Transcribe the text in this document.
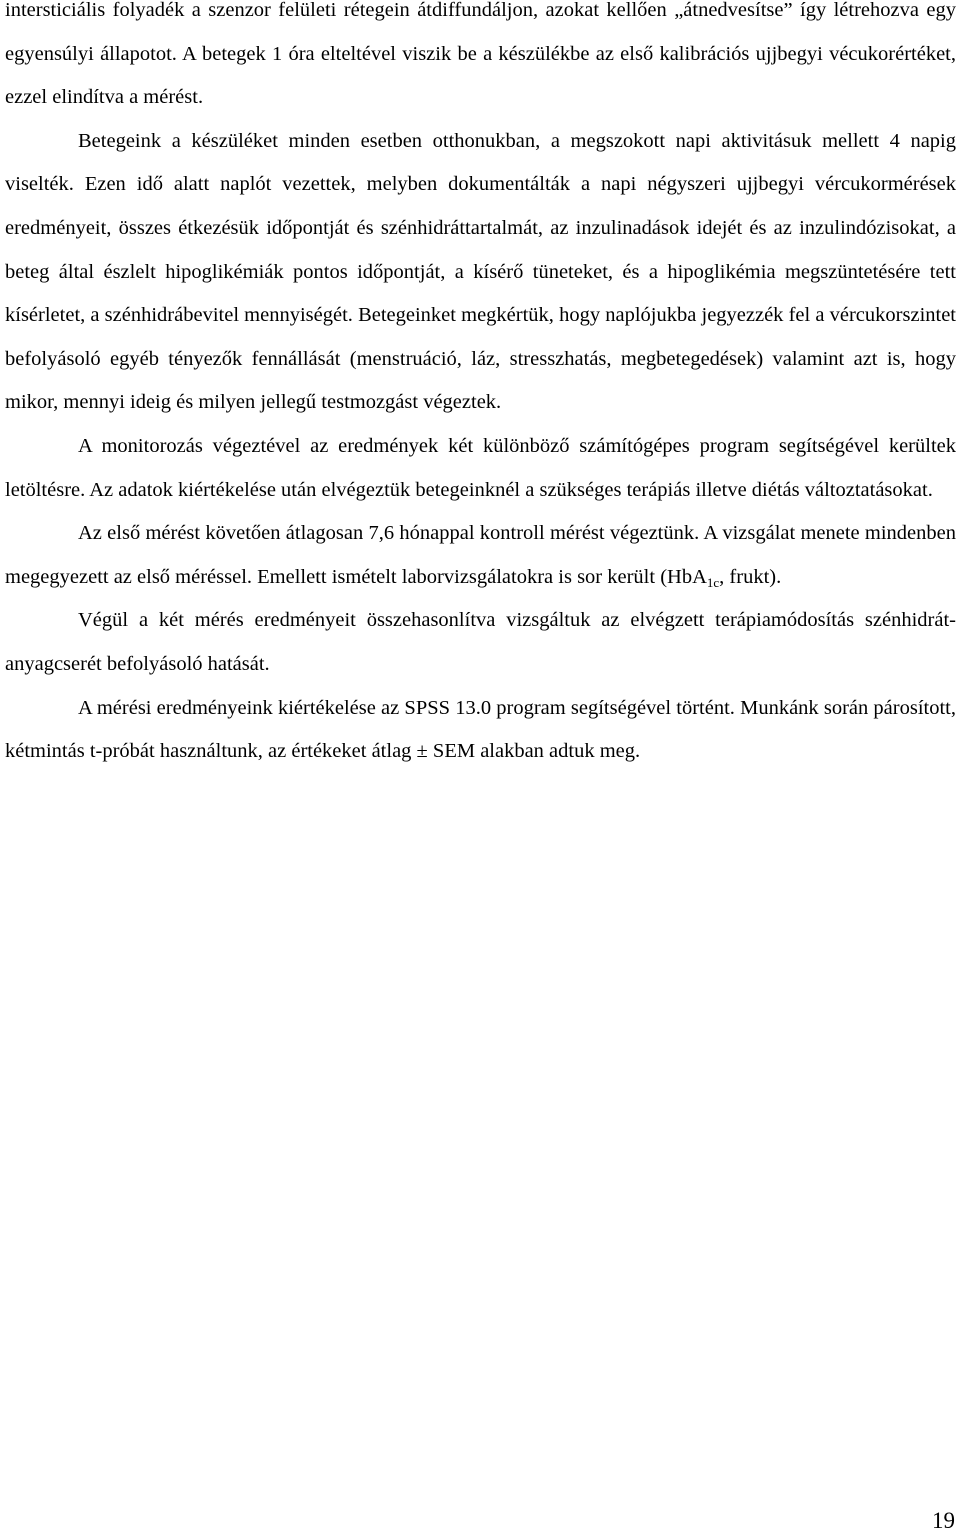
intersticiális folyadék a szenzor felületi rétegein átdiffundáljon, azokat kellően „átnedvesítse” így létrehozva egy egyensúlyi állapotot. A betegek 1 óra elteltével viszik be a készülékbe az első kalibrációs ujjbegyi vécukorértéket, ezzel elindítva a mérést.

Betegeink a készüléket minden esetben otthonukban, a megszokott napi aktivitásuk mellett 4 napig viselték. Ezen idő alatt naplót vezettek, melyben dokumentálták a napi négyszeri ujjbegyi vércukormérések eredményeit, összes étkezésük időpontját és szénhidráttartalmát, az inzulinadások idejét és az inzulindózisokat, a beteg által észlelt hipoglikémiák pontos időpontját, a kísérő tüneteket, és a hipoglikémia megszüntetésére tett kísérletet, a szénhidrábevitel mennyiségét. Betegeinket megkértük, hogy naplójukba jegyezzék fel a vércukorszintet befolyásoló egyéb tényezők fennállását (menstruáció, láz, stresszhatás, megbetegedések) valamint azt is, hogy mikor, mennyi ideig és milyen jellegű testmozgást végeztek.

A monitorozás végeztével az eredmények két különböző számítógépes program segítségével kerültek letöltésre. Az adatok kiértékelése után elvégeztük betegeinknél a szükséges terápiás illetve diétás változtatásokat.

Az első mérést követően átlagosan 7,6 hónappal kontroll mérést végeztünk. A vizsgálat menete mindenben megegyezett az első méréssel. Emellett ismételt laborvizsgálatokra is sor került (HbA$_{1c}$, frukt).

Végül a két mérés eredményeit összehasonlítva vizsgáltuk az elvégzett terápiamódosítás szénhidrát-anyagcserét befolyásoló hatását.

A mérési eredményeink kiértékelése az SPSS 13.0 program segítségével történt. Munkánk során párosított, kétmintás t-próbát használtunk, az értékeket átlag ± SEM alakban adtuk meg.

19
